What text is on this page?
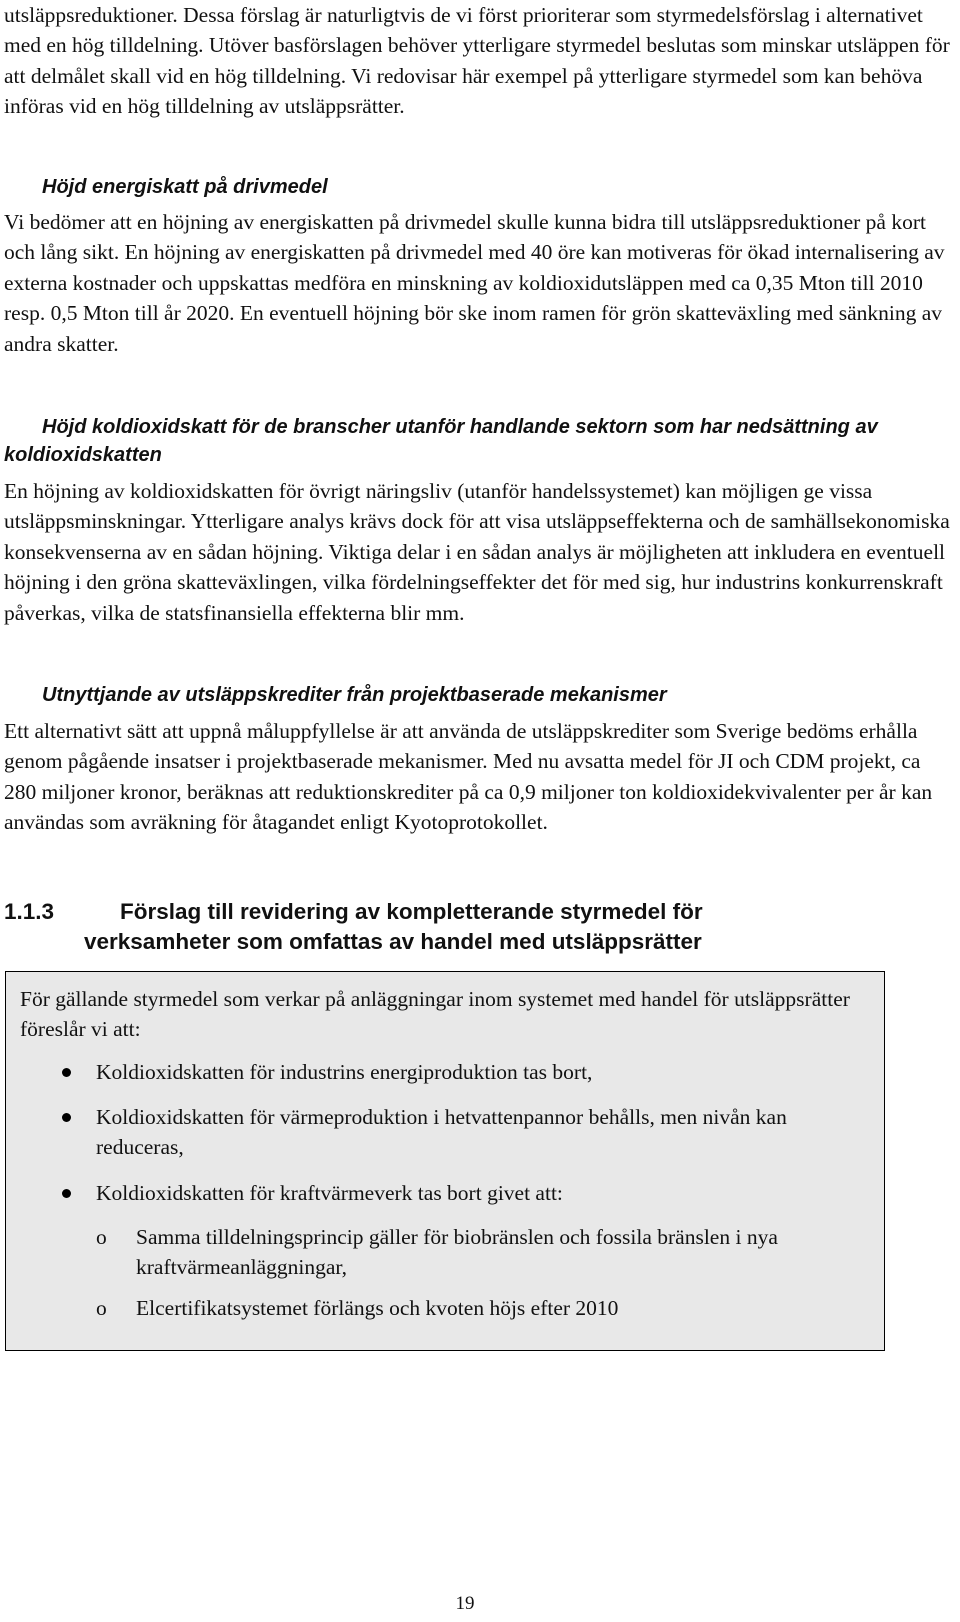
utsläppsreduktioner. Dessa förslag är naturligtvis de vi först prioriterar som styrmedelsförslag i alternativet med en hög tilldelning. Utöver basförslagen behöver ytterligare styrmedel beslutas som minskar utsläppen för att delmålet skall vid en hög tilldelning. Vi redovisar här exempel på ytterligare styrmedel som kan behöva införas vid en hög tilldelning av utsläppsrätter.

Höjd energiskatt på drivmedel

Vi bedömer att en höjning av energiskatten på drivmedel skulle kunna bidra till utsläppsreduktioner på kort och lång sikt. En höjning av energiskatten på drivmedel med 40 öre kan motiveras för ökad internalisering av externa kostnader och uppskattas medföra en minskning av koldioxidutsläppen med ca 0,35 Mton till 2010 resp. 0,5 Mton till år 2020. En eventuell höjning bör ske inom ramen för grön skatteväxling med sänkning av andra skatter.

Höjd koldioxidskatt för de branscher utanför handlande sektorn som har nedsättning av koldioxidskatten

En höjning av koldioxidskatten för övrigt näringsliv (utanför handelssystemet) kan möjligen ge vissa utsläppsminskningar. Ytterligare analys krävs dock för att visa utsläppseffekterna och de samhällsekonomiska konsekvenserna av en sådan höjning. Viktiga delar i en sådan analys är möjligheten att inkludera en eventuell höjning i den gröna skatteväxlingen, vilka fördelningseffekter det för med sig, hur industrins konkurrenskraft påverkas, vilka de statsfinansiella effekterna blir mm.

Utnyttjande av utsläppskrediter från projektbaserade mekanismer

Ett alternativt sätt att uppnå måluppfyllelse är att använda de utsläppskrediter som Sverige bedöms erhålla genom pågående insatser i projektbaserade mekanismer. Med nu avsatta medel för JI och CDM projekt, ca 280 miljoner kronor, beräknas att reduktionskrediter på ca 0,9 miljoner ton koldioxidekvivalenter per år kan användas som avräkning för åtagandet enligt Kyotoprotokollet.

1.1.3	Förslag till revidering av kompletterande styrmedel för
verksamheter som omfattas av handel med utsläppsrätter

För gällande styrmedel som verkar på anläggningar inom systemet med handel för utsläppsrätter föreslår vi att:

Koldioxidskatten för industrins energiproduktion tas bort,

Koldioxidskatten för värmeproduktion i hetvattenpannor behålls, men nivån kan reduceras,

Koldioxidskatten för kraftvärmeverk tas bort givet att:

o Samma tilldelningsprincip gäller för biobränslen och fossila bränslen i nya kraftvärmeanläggningar,

o Elcertifikatsystemet förlängs och kvoten höjs efter 2010

19
